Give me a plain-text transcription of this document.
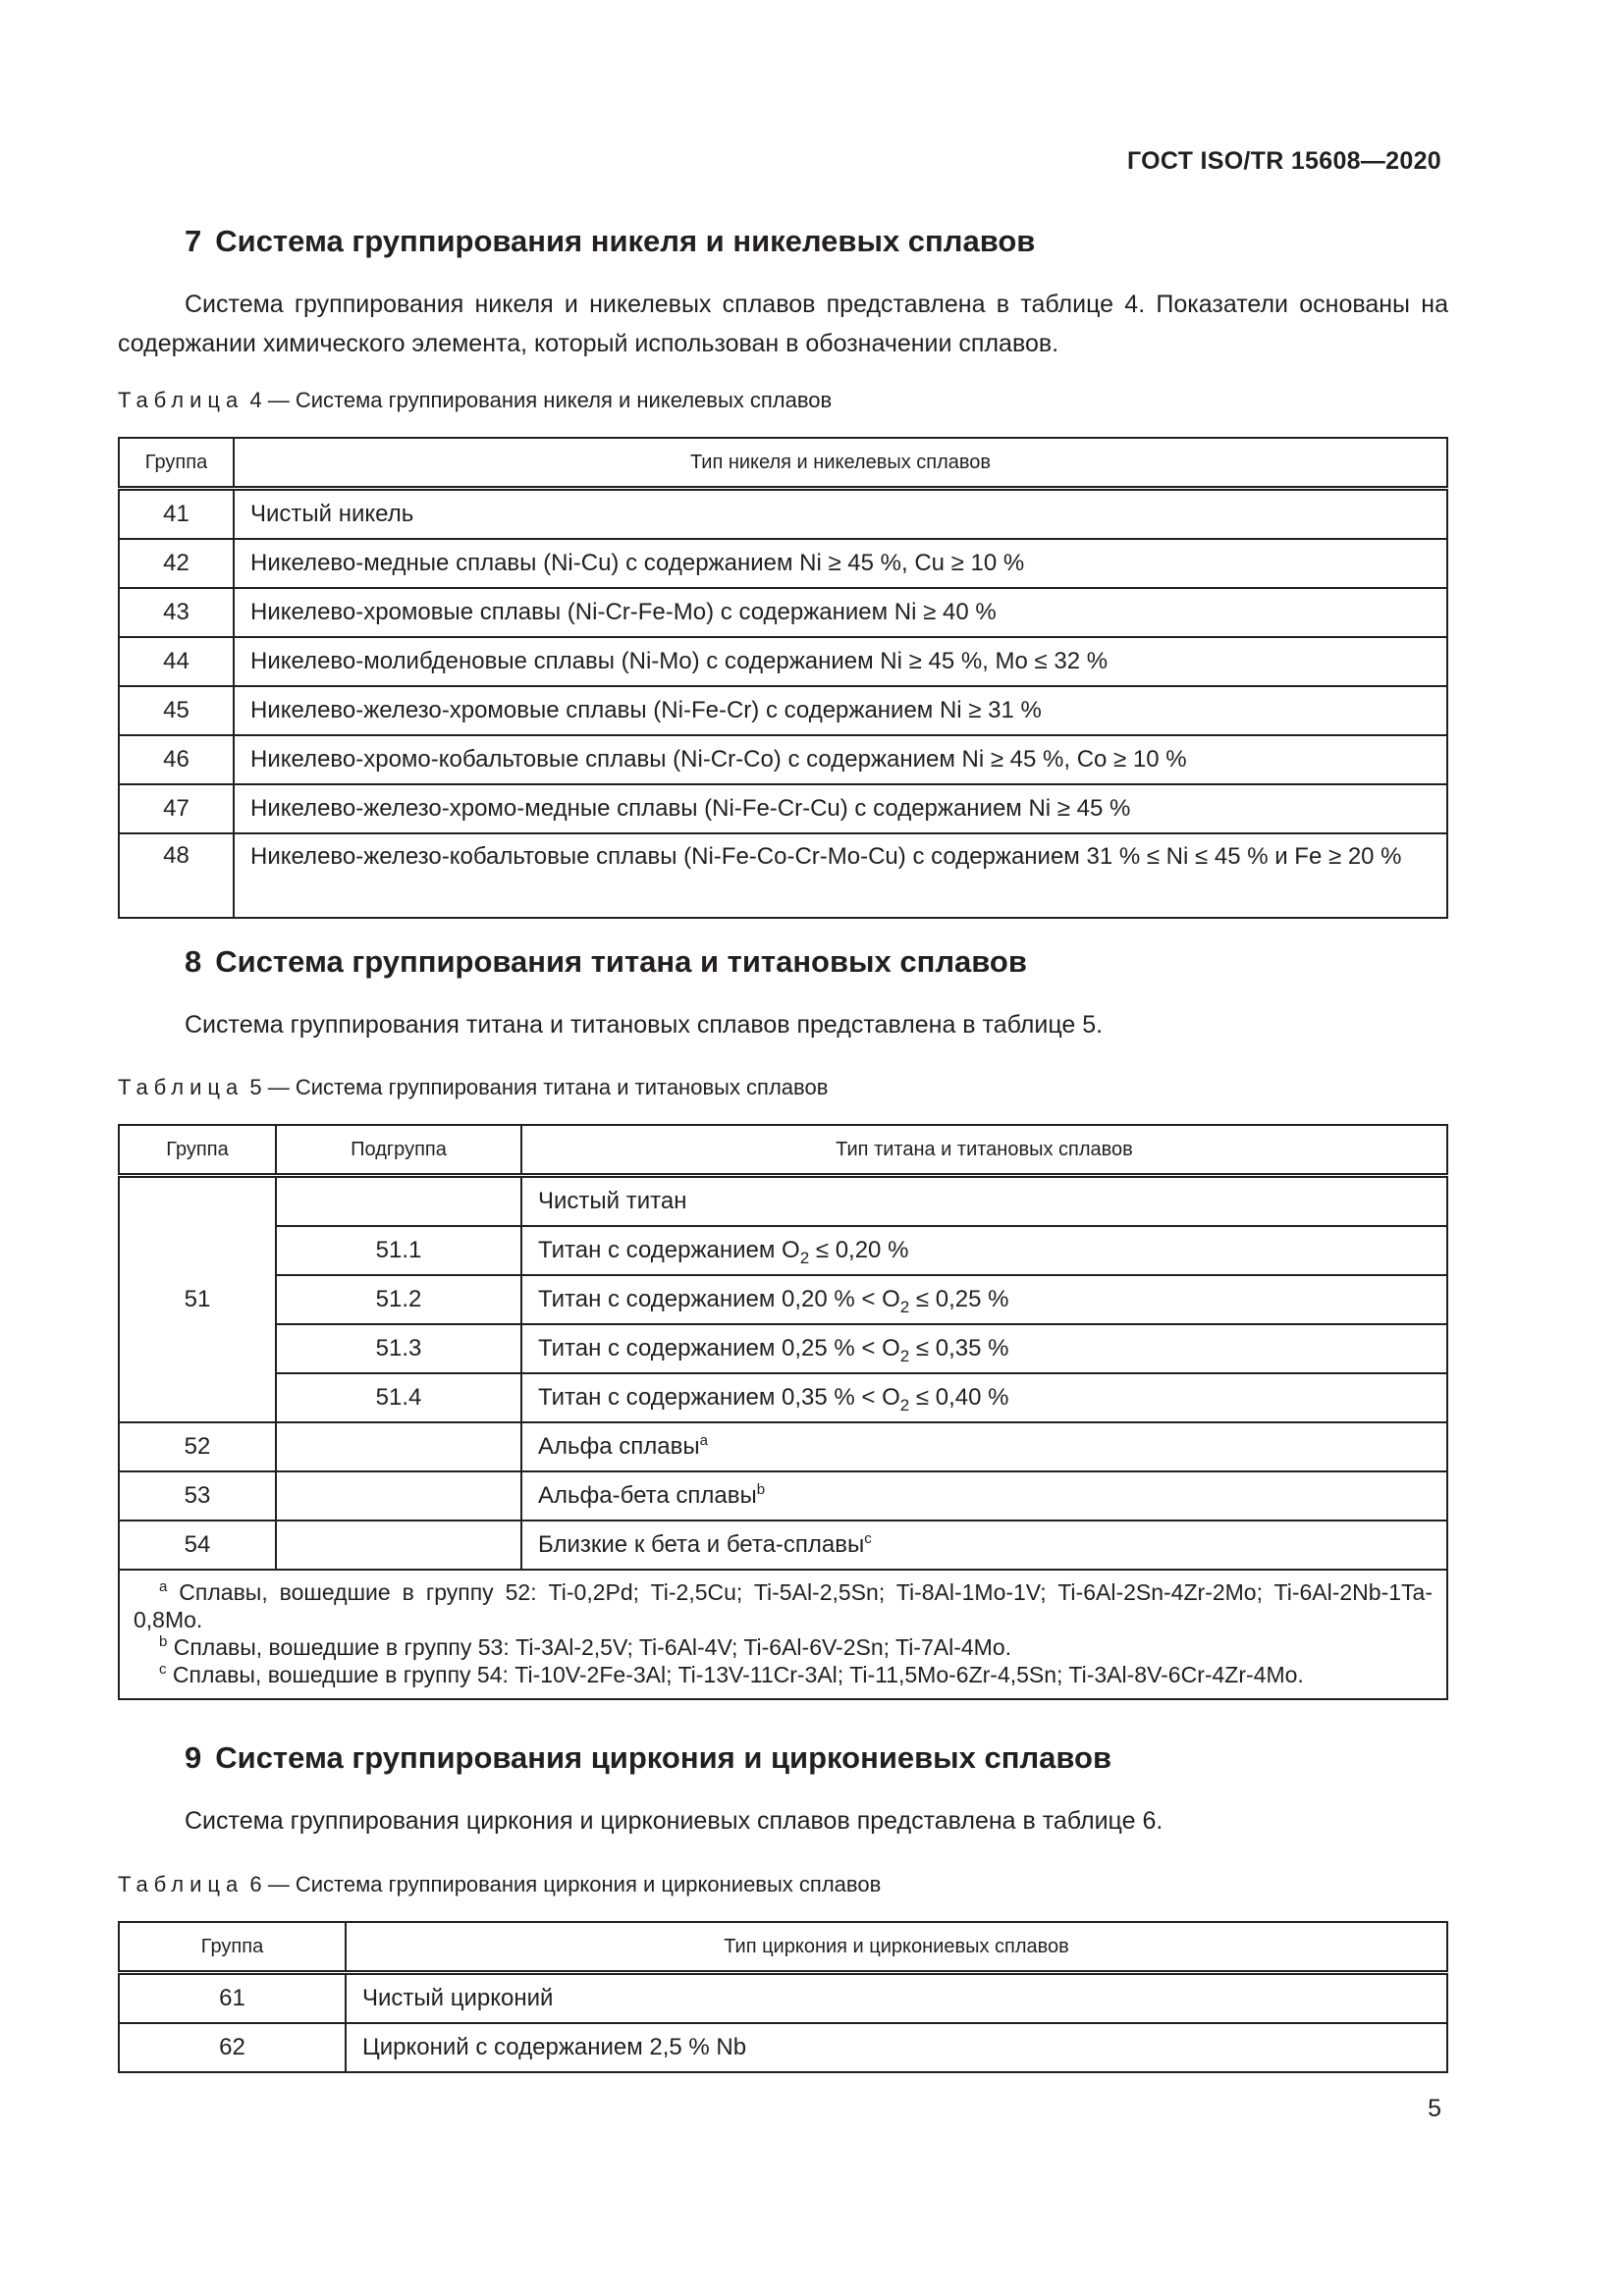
ГОСТ ISO/TR 15608—2020
7 Система группирования никеля и никелевых сплавов
Система группирования никеля и никелевых сплавов представлена в таблице 4. Показатели основаны на содержании химического элемента, который использован в обозначении сплавов.
Таблица 4 — Система группирования никеля и никелевых сплавов
Группа	Тип никеля и никелевых сплавов
41	Чистый никель
42	Никелево-медные сплавы (Ni-Cu) с содержанием Ni ≥ 45 %, Cu ≥ 10 %
43	Никелево-хромовые сплавы (Ni-Cr-Fe-Mo) с содержанием Ni ≥ 40 %
44	Никелево-молибденовые сплавы (Ni-Mo) с содержанием Ni ≥ 45 %, Mo ≤ 32 %
45	Никелево-железо-хромовые сплавы (Ni-Fe-Cr) с содержанием Ni ≥ 31 %
46	Никелево-хромо-кобальтовые сплавы (Ni-Cr-Co) с содержанием Ni ≥ 45 %, Co ≥ 10 %
47	Никелево-железо-хромо-медные сплавы (Ni-Fe-Cr-Cu) с содержанием Ni ≥ 45 %
48	Никелево-железо-кобальтовые сплавы (Ni-Fe-Co-Cr-Mo-Cu) с содержанием 31 % ≤ Ni ≤ 45 % и Fe ≥ 20 %
8 Система группирования титана и титановых сплавов
Система группирования титана и титановых сплавов представлена в таблице 5.
Таблица 5 — Система группирования титана и титановых сплавов
Группа	Подгруппа	Тип титана и титановых сплавов
51		Чистый титан
	51.1	Титан с содержанием $O_2 \le 0,20$ %
	51.2	Титан с содержанием 0,20 % < $O_2 \le 0,25$ %
	51.3	Титан с содержанием 0,25 % < $O_2 \le 0,35$ %
	51.4	Титан с содержанием 0,35 % < $O_2 \le 0,40$ %
52		Альфа сплавы$^a$
53		Альфа-бета сплавы$^b$
54		Близкие к бета и бета-сплавы$^c$

$^a$ Сплавы, вошедшие в группу 52: Ti-0,2Pd; Ti-2,5Cu; Ti-5Al-2,5Sn; Ti-8Al-1Mo-1V; Ti-6Al-2Sn-4Zr-2Mo; Ti-6Al-2Nb-1Ta-0,8Mo.
$^b$ Сплавы, вошедшие в группу 53: Ti-3Al-2,5V; Ti-6Al-4V; Ti-6Al-6V-2Sn; Ti-7Al-4Mo.
$^c$ Сплавы, вошедшие в группу 54: Ti-10V-2Fe-3Al; Ti-13V-11Cr-3Al; Ti-11,5Mo-6Zr-4,5Sn; Ti-3Al-8V-6Cr-4Zr-4Mo.		
9 Система группирования циркония и циркониевых сплавов
Система группирования циркония и циркониевых сплавов представлена в таблице 6.
Таблица 6 — Система группирования циркония и циркониевых сплавов
Группа	Тип циркония и циркониевых сплавов
61	Чистый цирконий
62	Цирконий с содержанием 2,5 % Nb
5
